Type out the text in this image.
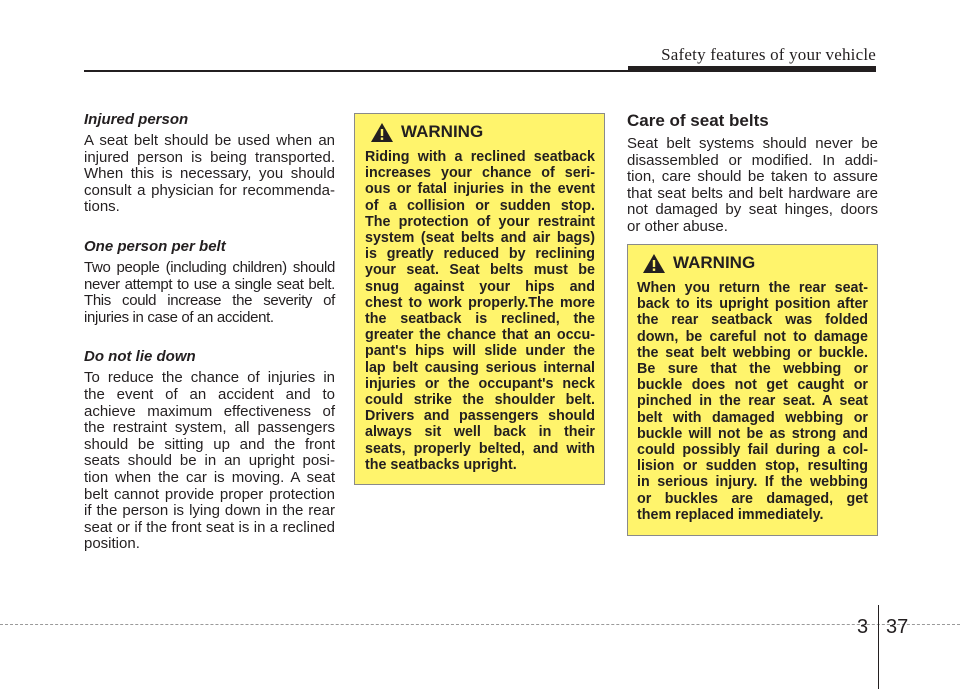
Safety features of your vehicle
Injured person

A seat belt should be used when an
injured person is being transported.
When this is necessary, you should
consult a physician for recommenda-
tions.

One person per belt

Two people (including children) should
never attempt to use a single seat belt.
This could increase the severity of
injuries in case of an accident.

Do not lie down

To reduce the chance of injuries in
the event of an accident and to
achieve maximum effectiveness of
the restraint system, all passengers
should be sitting up and the front
seats should be in an upright posi-
tion when the car is moving. A seat
belt cannot provide proper protection
if the person is lying down in the rear
seat or if the front seat is in a reclined
position.

WARNING
Riding with a reclined seatback
increases your chance of seri-
ous or fatal injuries in the event
of a collision or sudden stop.
The protection of your restraint
system (seat belts and air bags)
is greatly reduced by reclining
your seat. Seat belts must be
snug against your hips and
chest to work properly.The more
the seatback is reclined, the
greater the chance that an occu-
pant's hips will slide under the
lap belt causing serious internal
injuries or the occupant's neck
could strike the shoulder belt.
Drivers and passengers should
always sit well back in their
seats, properly belted, and with
the seatbacks upright.
Care of seat belts

Seat belt systems should never be
disassembled or modified. In addi-
tion, care should be taken to assure
that seat belts and belt hardware are
not damaged by seat hinges, doors
or other abuse.

WARNING
When you return the rear seat-
back to its upright position after
the rear seatback was folded
down, be careful not to damage
the seat belt webbing or buckle.
Be sure that the webbing or
buckle does not get caught or
pinched in the rear seat. A seat
belt with damaged webbing or
buckle will not be as strong and
could possibly fail during a col-
lision or sudden stop, resulting
in serious injury. If the webbing
or buckles are damaged, get
them replaced immediately.
3 37
